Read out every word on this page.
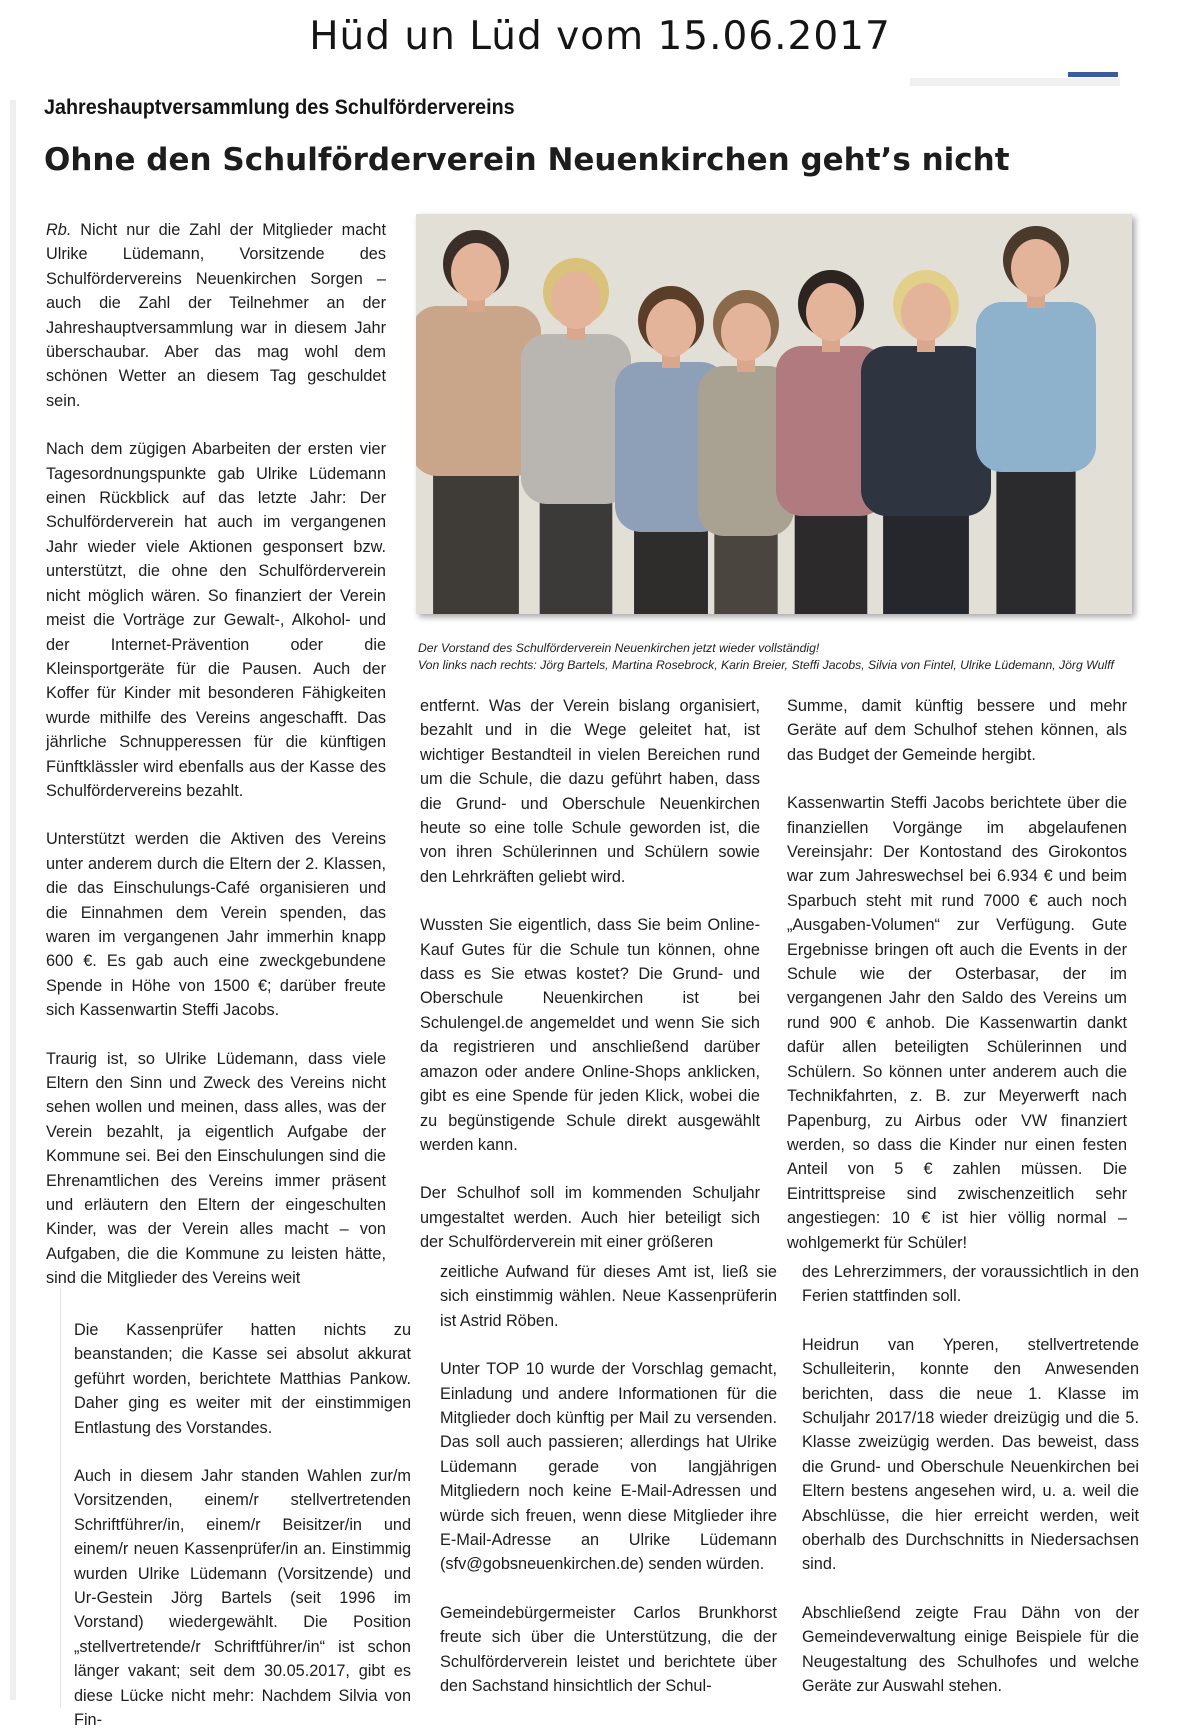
Hüd un Lüd vom 15.06.2017
Jahreshauptversammlung des Schulfördervereins
Ohne den Schulförderverein Neuenkirchen geht’s nicht

Rb. Nicht nur die Zahl der Mitglieder macht Ulrike Lüdemann, Vorsitzende des Schulfördervereins Neuenkirchen Sorgen – auch die Zahl der Teilnehmer an der Jahreshauptversammlung war in diesem Jahr überschaubar. Aber das mag wohl dem schönen Wetter an diesem Tag geschuldet sein.

Nach dem zügigen Abarbeiten der ersten vier Tagesordnungspunkte gab Ulrike Lüdemann einen Rückblick auf das letzte Jahr: Der Schulförderverein hat auch im vergangenen Jahr wieder viele Aktionen gesponsert bzw. unterstützt, die ohne den Schulförderverein nicht möglich wären. So finanziert der Verein meist die Vorträge zur Gewalt-, Alkohol- und der Internet-Prävention oder die Kleinsportgeräte für die Pausen. Auch der Koffer für Kinder mit besonderen Fähigkeiten wurde mithilfe des Vereins angeschafft. Das jährliche Schnupperessen für die künftigen Fünftklässler wird ebenfalls aus der Kasse des Schulfördervereins bezahlt.

Unterstützt werden die Aktiven des Vereins unter anderem durch die Eltern der 2. Klassen, die das Einschulungs-Café organisieren und die Einnahmen dem Verein spenden, das waren im vergangenen Jahr immerhin knapp 600 €. Es gab auch eine zweckgebundene Spende in Höhe von 1500 €; darüber freute sich Kassenwartin Steffi Jacobs.

Traurig ist, so Ulrike Lüdemann, dass viele Eltern den Sinn und Zweck des Vereins nicht sehen wollen und meinen, dass alles, was der Verein bezahlt, ja eigentlich Aufgabe der Kommune sei. Bei den Einschulungen sind die Ehrenamtlichen des Vereins immer präsent und erläutern den Eltern der eingeschulten Kinder, was der Verein alles macht – von Aufgaben, die die Kommune zu leisten hätte, sind die Mitglieder des Vereins weit

Der Vorstand des Schulförderverein Neuenkirchen jetzt wieder vollständig!
Von links nach rechts: Jörg Bartels, Martina Rosebrock, Karin Breier, Steffi Jacobs, Silvia von Fintel, Ulrike Lüdemann, Jörg Wulff

entfernt. Was der Verein bislang organisiert, bezahlt und in die Wege geleitet hat, ist wichtiger Bestandteil in vielen Bereichen rund um die Schule, die dazu geführt haben, dass die Grund- und Oberschule Neuenkirchen heute so eine tolle Schule geworden ist, die von ihren Schülerinnen und Schülern sowie den Lehrkräften geliebt wird.

Wussten Sie eigentlich, dass Sie beim Online-Kauf Gutes für die Schule tun können, ohne dass es Sie etwas kostet? Die Grund- und Oberschule Neuenkirchen ist bei Schulengel.de angemeldet und wenn Sie sich da registrieren und anschließend darüber amazon oder andere Online-Shops anklicken, gibt es eine Spende für jeden Klick, wobei die zu begünstigende Schule direkt ausgewählt werden kann.

Der Schulhof soll im kommenden Schuljahr umgestaltet werden. Auch hier beteiligt sich der Schulförderverein mit einer größeren

Summe, damit künftig bessere und mehr Geräte auf dem Schulhof stehen können, als das Budget der Gemeinde hergibt.

Kassenwartin Steffi Jacobs berichtete über die finanziellen Vorgänge im abgelaufenen Vereinsjahr: Der Kontostand des Girokontos war zum Jahreswechsel bei 6.934 € und beim Sparbuch steht mit rund 7000 € auch noch „Ausgaben-Volumen“ zur Verfügung. Gute Ergebnisse bringen oft auch die Events in der Schule wie der Osterbasar, der im vergangenen Jahr den Saldo des Vereins um rund 900 € anhob. Die Kassenwartin dankt dafür allen beteiligten Schülerinnen und Schülern. So können unter anderem auch die Technikfahrten, z. B. zur Meyerwerft nach Papenburg, zu Airbus oder VW finanziert werden, so dass die Kinder nur einen festen Anteil von 5 € zahlen müssen. Die Eintrittspreise sind zwischenzeitlich sehr angestiegen: 10 € ist hier völlig normal – wohlgemerkt für Schüler!

Die Kassenprüfer hatten nichts zu beanstanden; die Kasse sei absolut akkurat geführt worden, berichtete Matthias Pankow. Daher ging es weiter mit der einstimmigen Entlastung des Vorstandes.

Auch in diesem Jahr standen Wahlen zur/m Vorsitzenden, einem/r stellvertretenden Schriftführer/in, einem/r Beisitzer/in und einem/r neuen Kassenprüfer/in an. Einstimmig wurden Ulrike Lüdemann (Vorsitzende) und Ur-Gestein Jörg Bartels (seit 1996 im Vorstand) wiedergewählt. Die Position „stellvertretende/r Schriftführer/in“ ist schon länger vakant; seit dem 30.05.2017, gibt es diese Lücke nicht mehr: Nachdem Silvia von Fin-

zeitliche Aufwand für dieses Amt ist, ließ sie sich einstimmig wählen. Neue Kassenprüferin ist Astrid Röben.

Unter TOP 10 wurde der Vorschlag gemacht, Einladung und andere Informationen für die Mitglieder doch künftig per Mail zu versenden. Das soll auch passieren; allerdings hat Ulrike Lüdemann gerade von langjährigen Mitgliedern noch keine E-Mail-Adressen und würde sich freuen, wenn diese Mitglieder ihre E-Mail-Adresse an Ulrike Lüdemann (sfv@gobsneuenkirchen.de) senden würden.

Gemeindebürgermeister Carlos Brunkhorst freute sich über die Unterstützung, die der Schulförderverein leistet und berichtete über den Sachstand hinsichtlich der Schul-

des Lehrerzimmers, der voraussichtlich in den Ferien stattfinden soll.

Heidrun van Yperen, stellvertretende Schulleiterin, konnte den Anwesenden berichten, dass die neue 1. Klasse im Schuljahr 2017/18 wieder dreizügig und die 5. Klasse zweizügig werden. Das beweist, dass die Grund- und Oberschule Neuenkirchen bei Eltern bestens angesehen wird, u. a. weil die Abschlüsse, die hier erreicht werden, weit oberhalb des Durchschnitts in Niedersachsen sind.

Abschließend zeigte Frau Dähn von der Gemeindeverwaltung einige Beispiele für die Neugestaltung des Schulhofes und welche Geräte zur Auswahl stehen.
